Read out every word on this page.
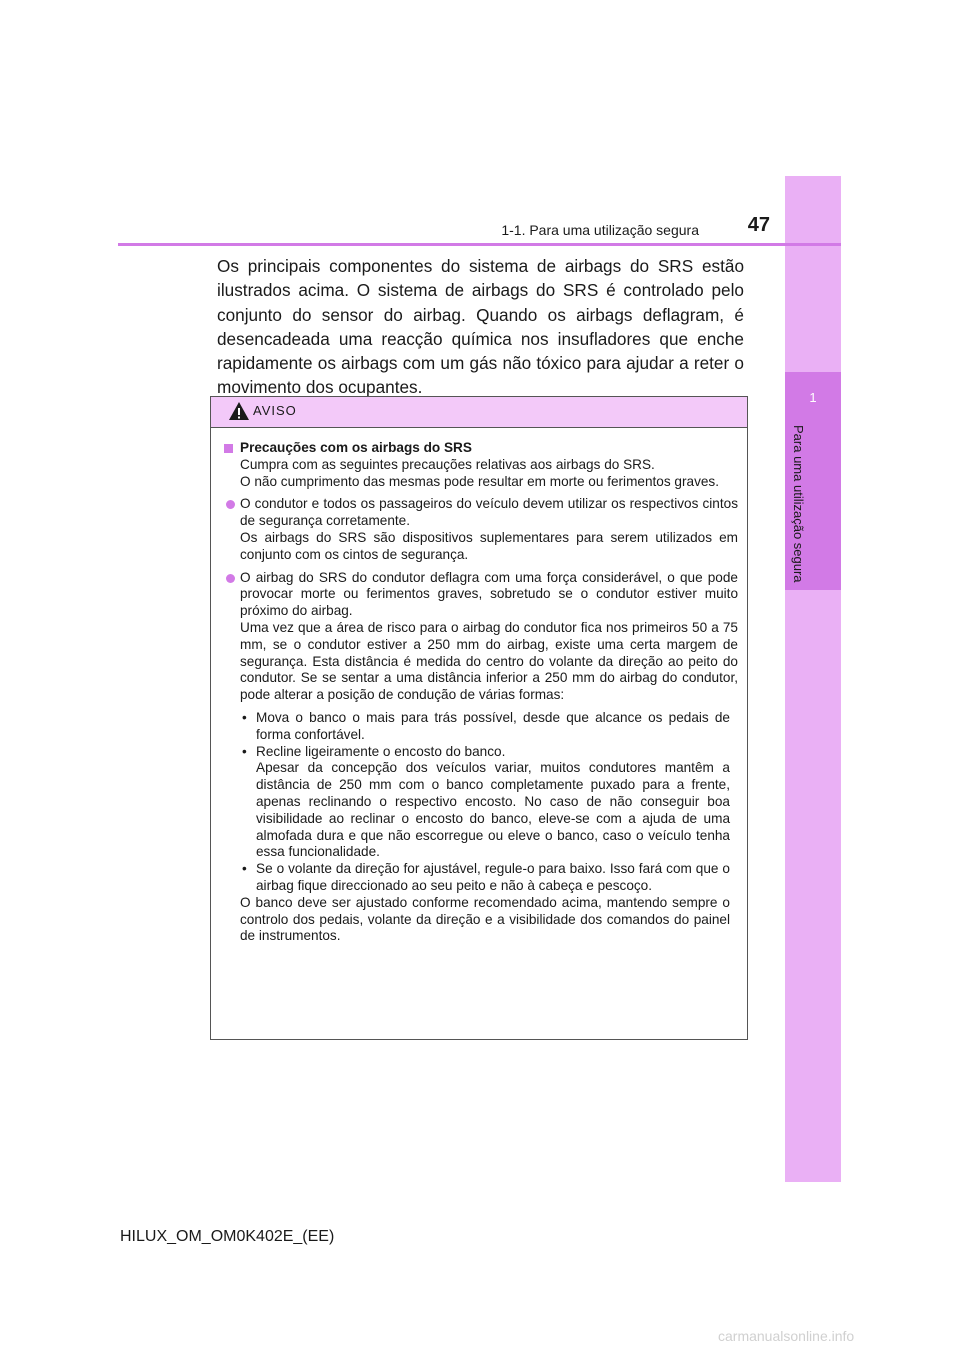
1
Para uma utilização segura
1-1. Para uma utilização segura	47

Os principais componentes do sistema de airbags do SRS estão ilustrados acima. O sistema de airbags do SRS é controlado pelo conjunto do sensor do airbag. Quando os airbags deflagram, é desencadeada uma reacção química nos insufladores que enche rapidamente os airbags com um gás não tóxico para ajudar a reter o movimento dos ocupantes.

AVISO
Precauções com os airbags do SRS

Cumpra com as seguintes precauções relativas aos airbags do SRS.

O não cumprimento das mesmas pode resultar em morte ou ferimentos graves.

O condutor e todos os passageiros do veículo devem utilizar os respectivos cintos de segurança corretamente.

Os airbags do SRS são dispositivos suplementares para serem utilizados em conjunto com os cintos de segurança.

O airbag do SRS do condutor deflagra com uma força considerável, o que pode provocar morte ou ferimentos graves, sobretudo se o condutor estiver muito próximo do airbag.

Uma vez que a área de risco para o airbag do condutor fica nos primeiros 50 a 75 mm, se o condutor estiver a 250 mm do airbag, existe uma certa margem de segurança. Esta distância é medida do centro do volante da direção ao peito do condutor. Se se sentar a uma distância inferior a 250 mm do airbag do condutor, pode alterar a posição de condução de várias formas:

• Mova o banco o mais para trás possível, desde que alcance os pedais de forma confortável.

• Recline ligeiramente o encosto do banco.

Apesar da concepção dos veículos variar, muitos condutores mantêm a distância de 250 mm com o banco completamente puxado para a frente, apenas reclinando o respectivo encosto. No caso de não conseguir boa visibilidade ao reclinar o encosto do banco, eleve-se com a ajuda de uma almofada dura e que não escorregue ou eleve o banco, caso o veículo tenha essa funcionalidade.

• Se o volante da direção for ajustável, regule-o para baixo. Isso fará com que o airbag fique direccionado ao seu peito e não à cabeça e pescoço.

O banco deve ser ajustado conforme recomendado acima, mantendo sempre o controlo dos pedais, volante da direção e a visibilidade dos comandos do painel de instrumentos.

HILUX_OM_OM0K402E_(EE)
carmanualsonline.info
